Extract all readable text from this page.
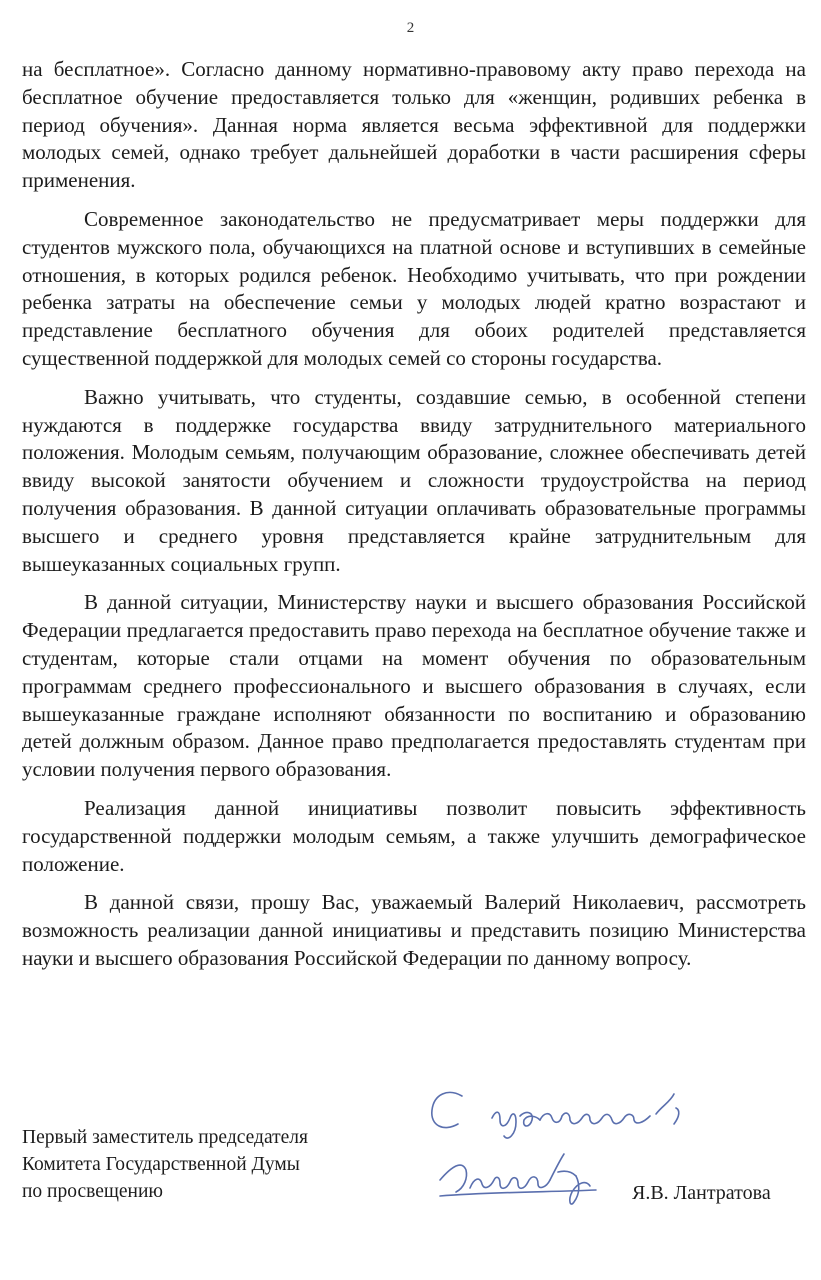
2

на бесплатное». Согласно данному нормативно-правовому акту право перехода на бесплатное обучение предоставляется только для «женщин, родивших ребенка в период обучения». Данная норма является весьма эффективной для поддержки молодых семей, однако требует дальнейшей доработки в части расширения сферы применения.

Современное законодательство не предусматривает меры поддержки для студентов мужского пола, обучающихся на платной основе и вступивших в семейные отношения, в которых родился ребенок. Необходимо учитывать, что при рождении ребенка затраты на обеспечение семьи у молодых людей кратно возрастают и представление бесплатного обучения для обоих родителей представляется существенной поддержкой для молодых семей со стороны государства.

Важно учитывать, что студенты, создавшие семью, в особенной степени нуждаются в поддержке государства ввиду затруднительного материального положения. Молодым семьям, получающим образование, сложнее обеспечивать детей ввиду высокой занятости обучением и сложности трудоустройства на период получения образования. В данной ситуации оплачивать образовательные программы высшего и среднего уровня представляется крайне затруднительным для вышеуказанных социальных групп.

В данной ситуации, Министерству науки и высшего образования Российской Федерации предлагается предоставить право перехода на бесплатное обучение также и студентам, которые стали отцами на момент обучения по образовательным программам среднего профессионального и высшего образования в случаях, если вышеуказанные граждане исполняют обязанности по воспитанию и образованию детей должным образом. Данное право предполагается предоставлять студентам при условии получения первого образования.

Реализация данной инициативы позволит повысить эффективность государственной поддержки молодым семьям, а также улучшить демографическое положение.

В данной связи, прошу Вас, уважаемый Валерий Николаевич, рассмотреть возможность реализации данной инициативы и представить позицию Министерства науки и высшего образования Российской Федерации по данному вопросу.

Первый заместитель председателя
Комитета Государственной Думы
по просвещению	Я.В. Лантратова
